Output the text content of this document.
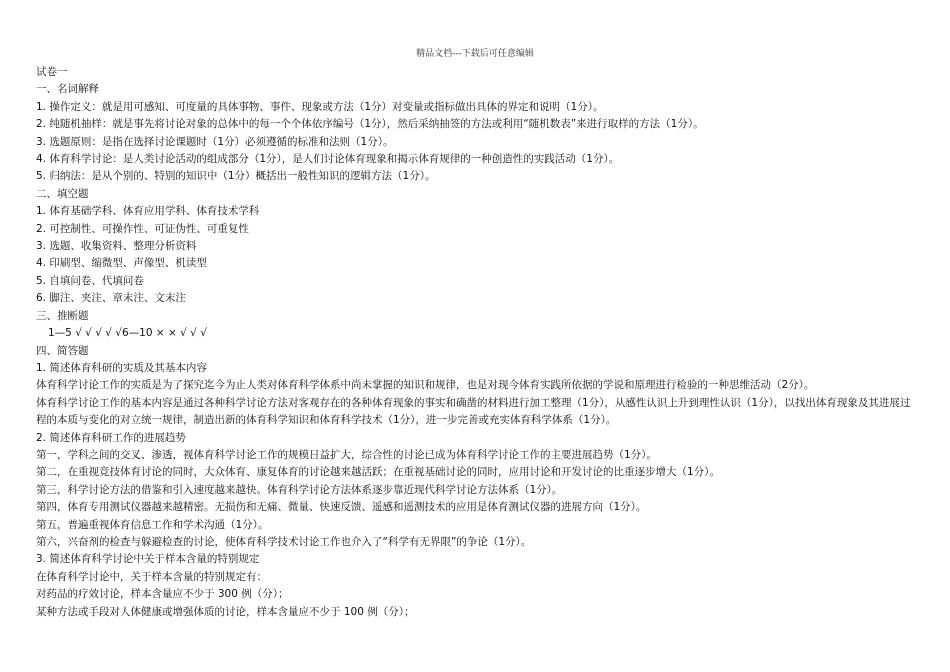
精品文档---下载后可任意编辑
试卷一
一、名词解释
1. 操作定义：就是用可感知、可度量的具体事物、事件、现象或方法（1分）对变量或指标做出具体的界定和说明（1分）。
2. 纯随机抽样：就是事先将讨论对象的总体中的每一个个体依序编号（1分），然后采纳抽签的方法或利用“随机数表”来进行取样的方法（1分）。
3. 选题原则：是指在选择讨论课题时（1分）必须遵循的标准和法则（1分）。
4. 体育科学讨论：是人类讨论活动的组成部分（1分），是人们讨论体育现象和揭示体育规律的一种创造性的实践活动（1分）。
5. 归纳法：是从个别的、特别的知识中（1分）概括出一般性知识的逻辑方法（1分）。
二、填空题
1. 体育基础学科、体育应用学科、体育技术学科
2. 可控制性、可操作性、可证伪性、可重复性
3. 选题、收集资料、整理分析资料
4. 印刷型、缩微型、声像型、机读型
5. 自填问卷、代填问卷
6. 脚注、夹注、章末注、文末注
三、推断题
1—5 √ √ √ √ √6—10 × × √ √ √
四、简答题
1. 简述体育科研的实质及其基本内容
体育科学讨论工作的实质是为了探究迄今为止人类对体育科学体系中尚未掌握的知识和规律，也是对现今体育实践所依据的学说和原理进行检验的一种思维活动（2分）。
体育科学讨论工作的基本内容是通过各种科学讨论方法对客观存在的各种体育现象的事实和确凿的材料进行加工整理（1分），从感性认识上升到理性认识（1分），以找出体育现象及其进展过程的本质与变化的对立统一规律，制造出新的体育科学知识和体育科学技术（1分），进一步完善或充实体育科学体系（1分）。
2. 简述体育科研工作的进展趋势
第一，学科之间的交叉、渗透，视体育科学讨论工作的规模日益扩大，综合性的讨论已成为体育科学讨论工作的主要进展趋势（1分）。
第二，在重视竞技体育讨论的同时，大众体育、康复体育的讨论越来越活跃；在重视基础讨论的同时，应用讨论和开发讨论的比重逐步增大（1分）。
第三，科学讨论方法的借鉴和引入速度越来越快。体育科学讨论方法体系逐步靠近现代科学讨论方法体系（1分）。
第四，体育专用测试仪器越来越精密。无损伤和无痛、微量、快速反馈、遥感和遥测技术的应用是体育测试仪器的进展方向（1分）。
第五，普遍重视体育信息工作和学术沟通（1分）。
第六，兴奋剂的检查与躲避检查的讨论，使体育科学技术讨论工作也介入了“科学有无界限”的争论（1分）。
3. 简述体育科学讨论中关于样本含量的特别规定
在体育科学讨论中，关于样本含量的特别规定有：
对药品的疗效讨论，样本含量应不少于 300 例（分）；
某种方法或手段对人体健康或增强体质的讨论，样本含量应不少于 100 例（分）；
